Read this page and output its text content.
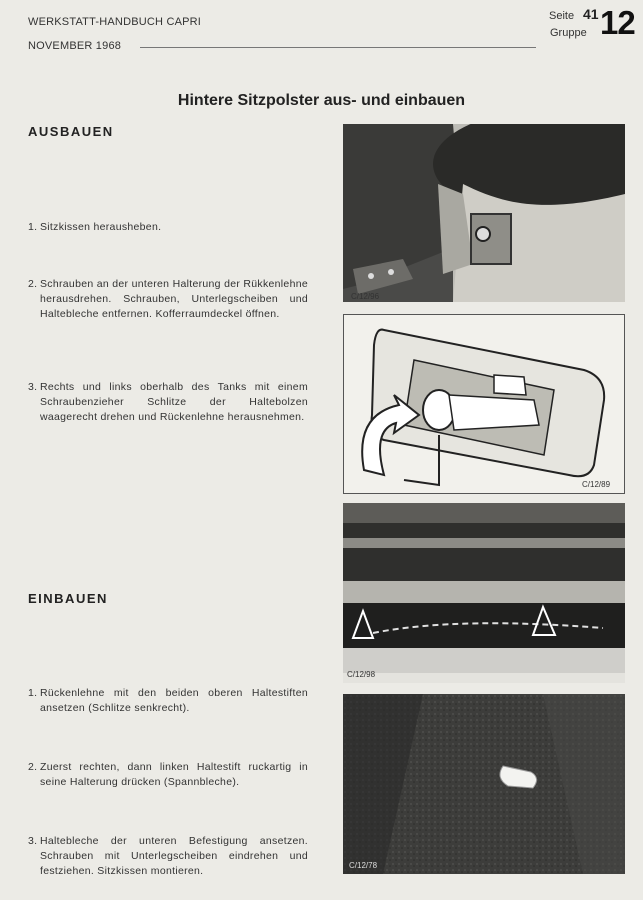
WERKSTATT-HANDBUCH CAPRI
NOVEMBER 1968
Seite 41
Gruppe 12
Hintere Sitzpolster aus- und einbauen
AUSBAUEN
1. Sitzkissen herausheben.
2. Schrauben an der unteren Halterung der Rükkenlehne herausdrehen. Schrauben, Unterlegscheiben und Haltebleche entfernen. Kofferraumdeckel öffnen.
3. Rechts und links oberhalb des Tanks mit einem Schraubenzieher Schlitze der Haltebolzen waagerecht drehen und Rückenlehne herausnehmen.
EINBAUEN
1. Rückenlehne mit den beiden oberen Haltestiften ansetzen (Schlitze senkrecht).
2. Zuerst rechten, dann linken Haltestift ruckartig in seine Halterung drücken (Spannbleche).
3. Haltebleche der unteren Befestigung ansetzen. Schrauben mit Unterlegscheiben eindrehen und festziehen. Sitzkissen montieren.
C/12/96
C/12/89
C/12/98
C/12/78
